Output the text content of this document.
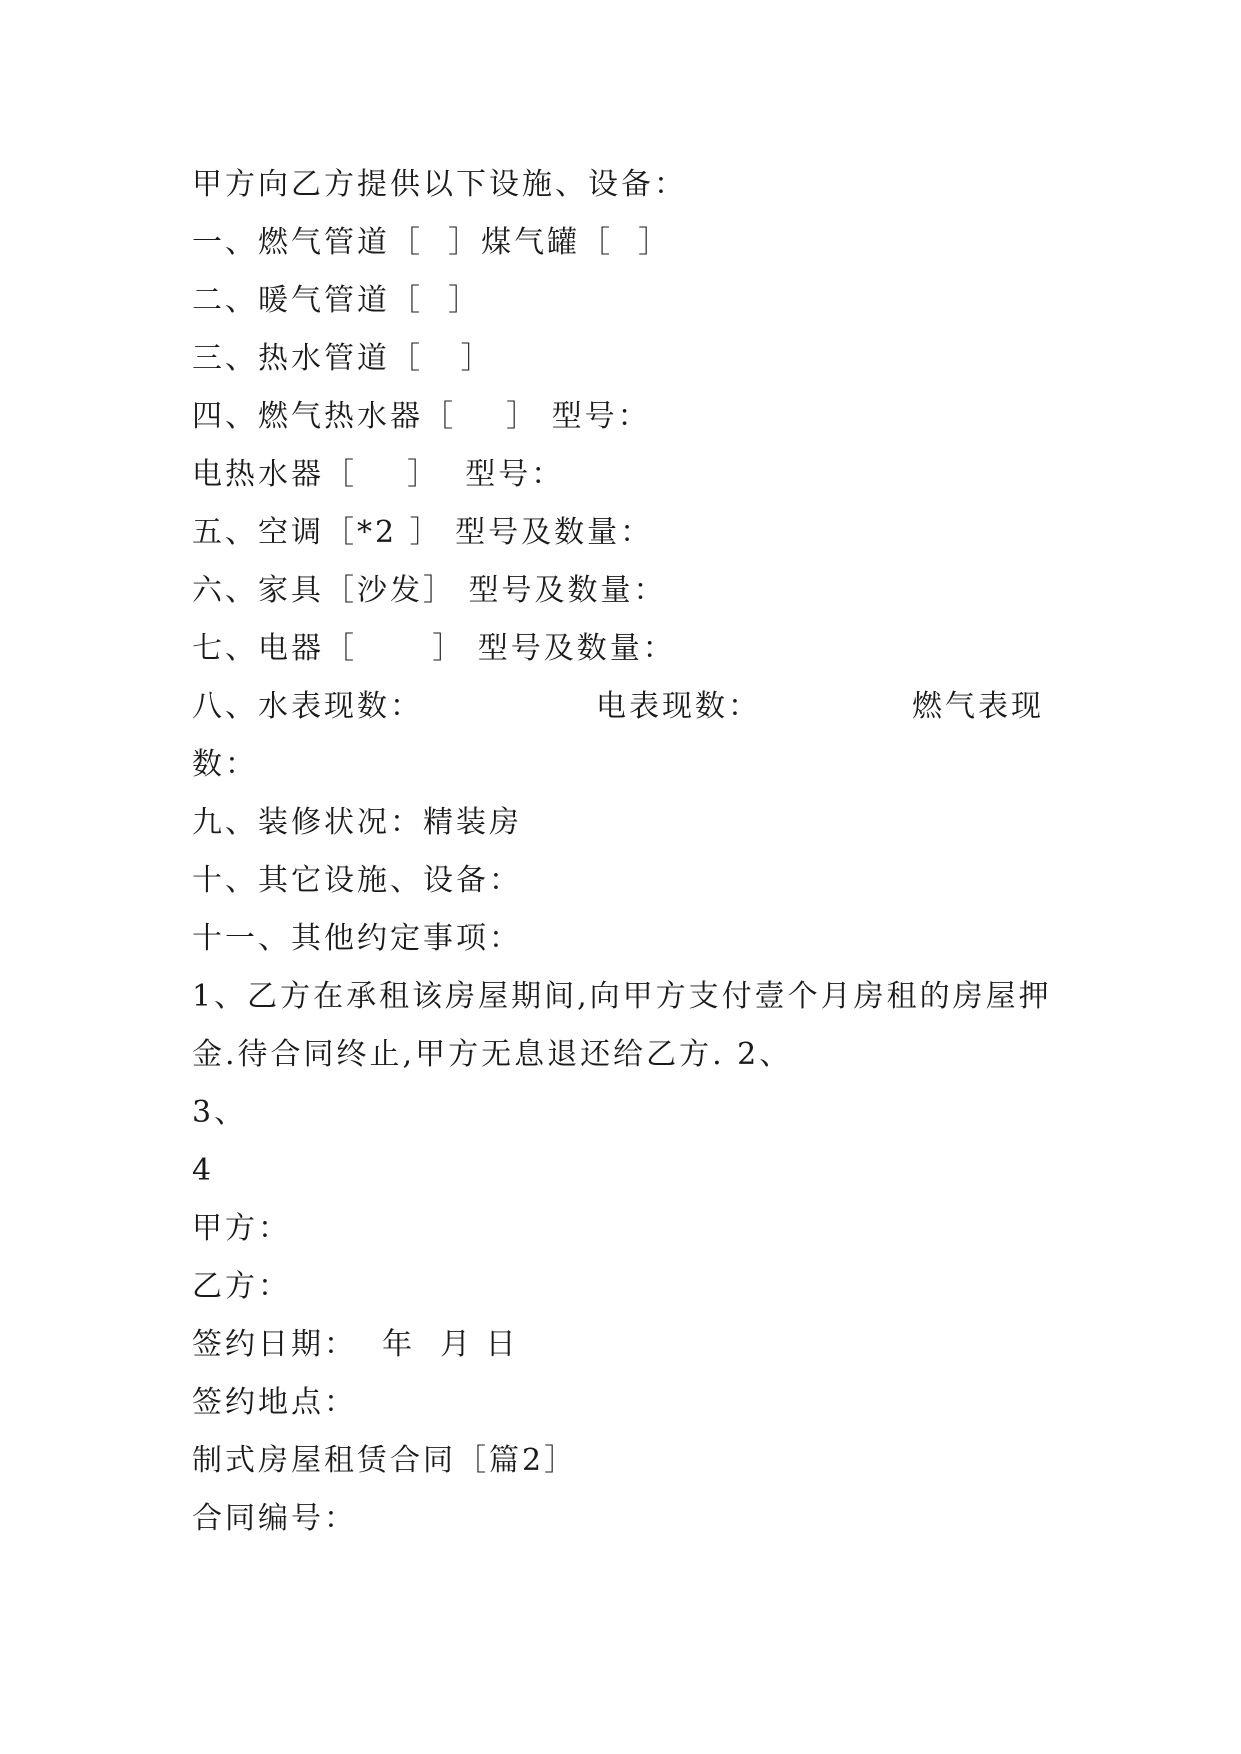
甲方向乙方提供以下设施、设备：
一、燃气管道［  ］煤气罐［  ］
二、暖气管道［  ］
三、热水管道［   ］
四、燃气热水器［    ］ 型号：
电热水器［    ］  型号：
五、空调［*2 ］ 型号及数量：
六、家具［沙发］ 型号及数量：
七、电器［      ］ 型号及数量：
八、水表现数：	电表现数：	燃气表现
数：
九、装修状况：精装房
十、其它设施、设备：
十一、其他约定事项：
1、乙方在承租该房屋期间,向甲方支付壹个月房租的房屋押
金.待合同终止,甲方无息退还给乙方. 2、
3、
4
甲方：
乙方：
签约日期：  年  月 日
签约地点：
制式房屋租赁合同［篇2］
合同编号：
